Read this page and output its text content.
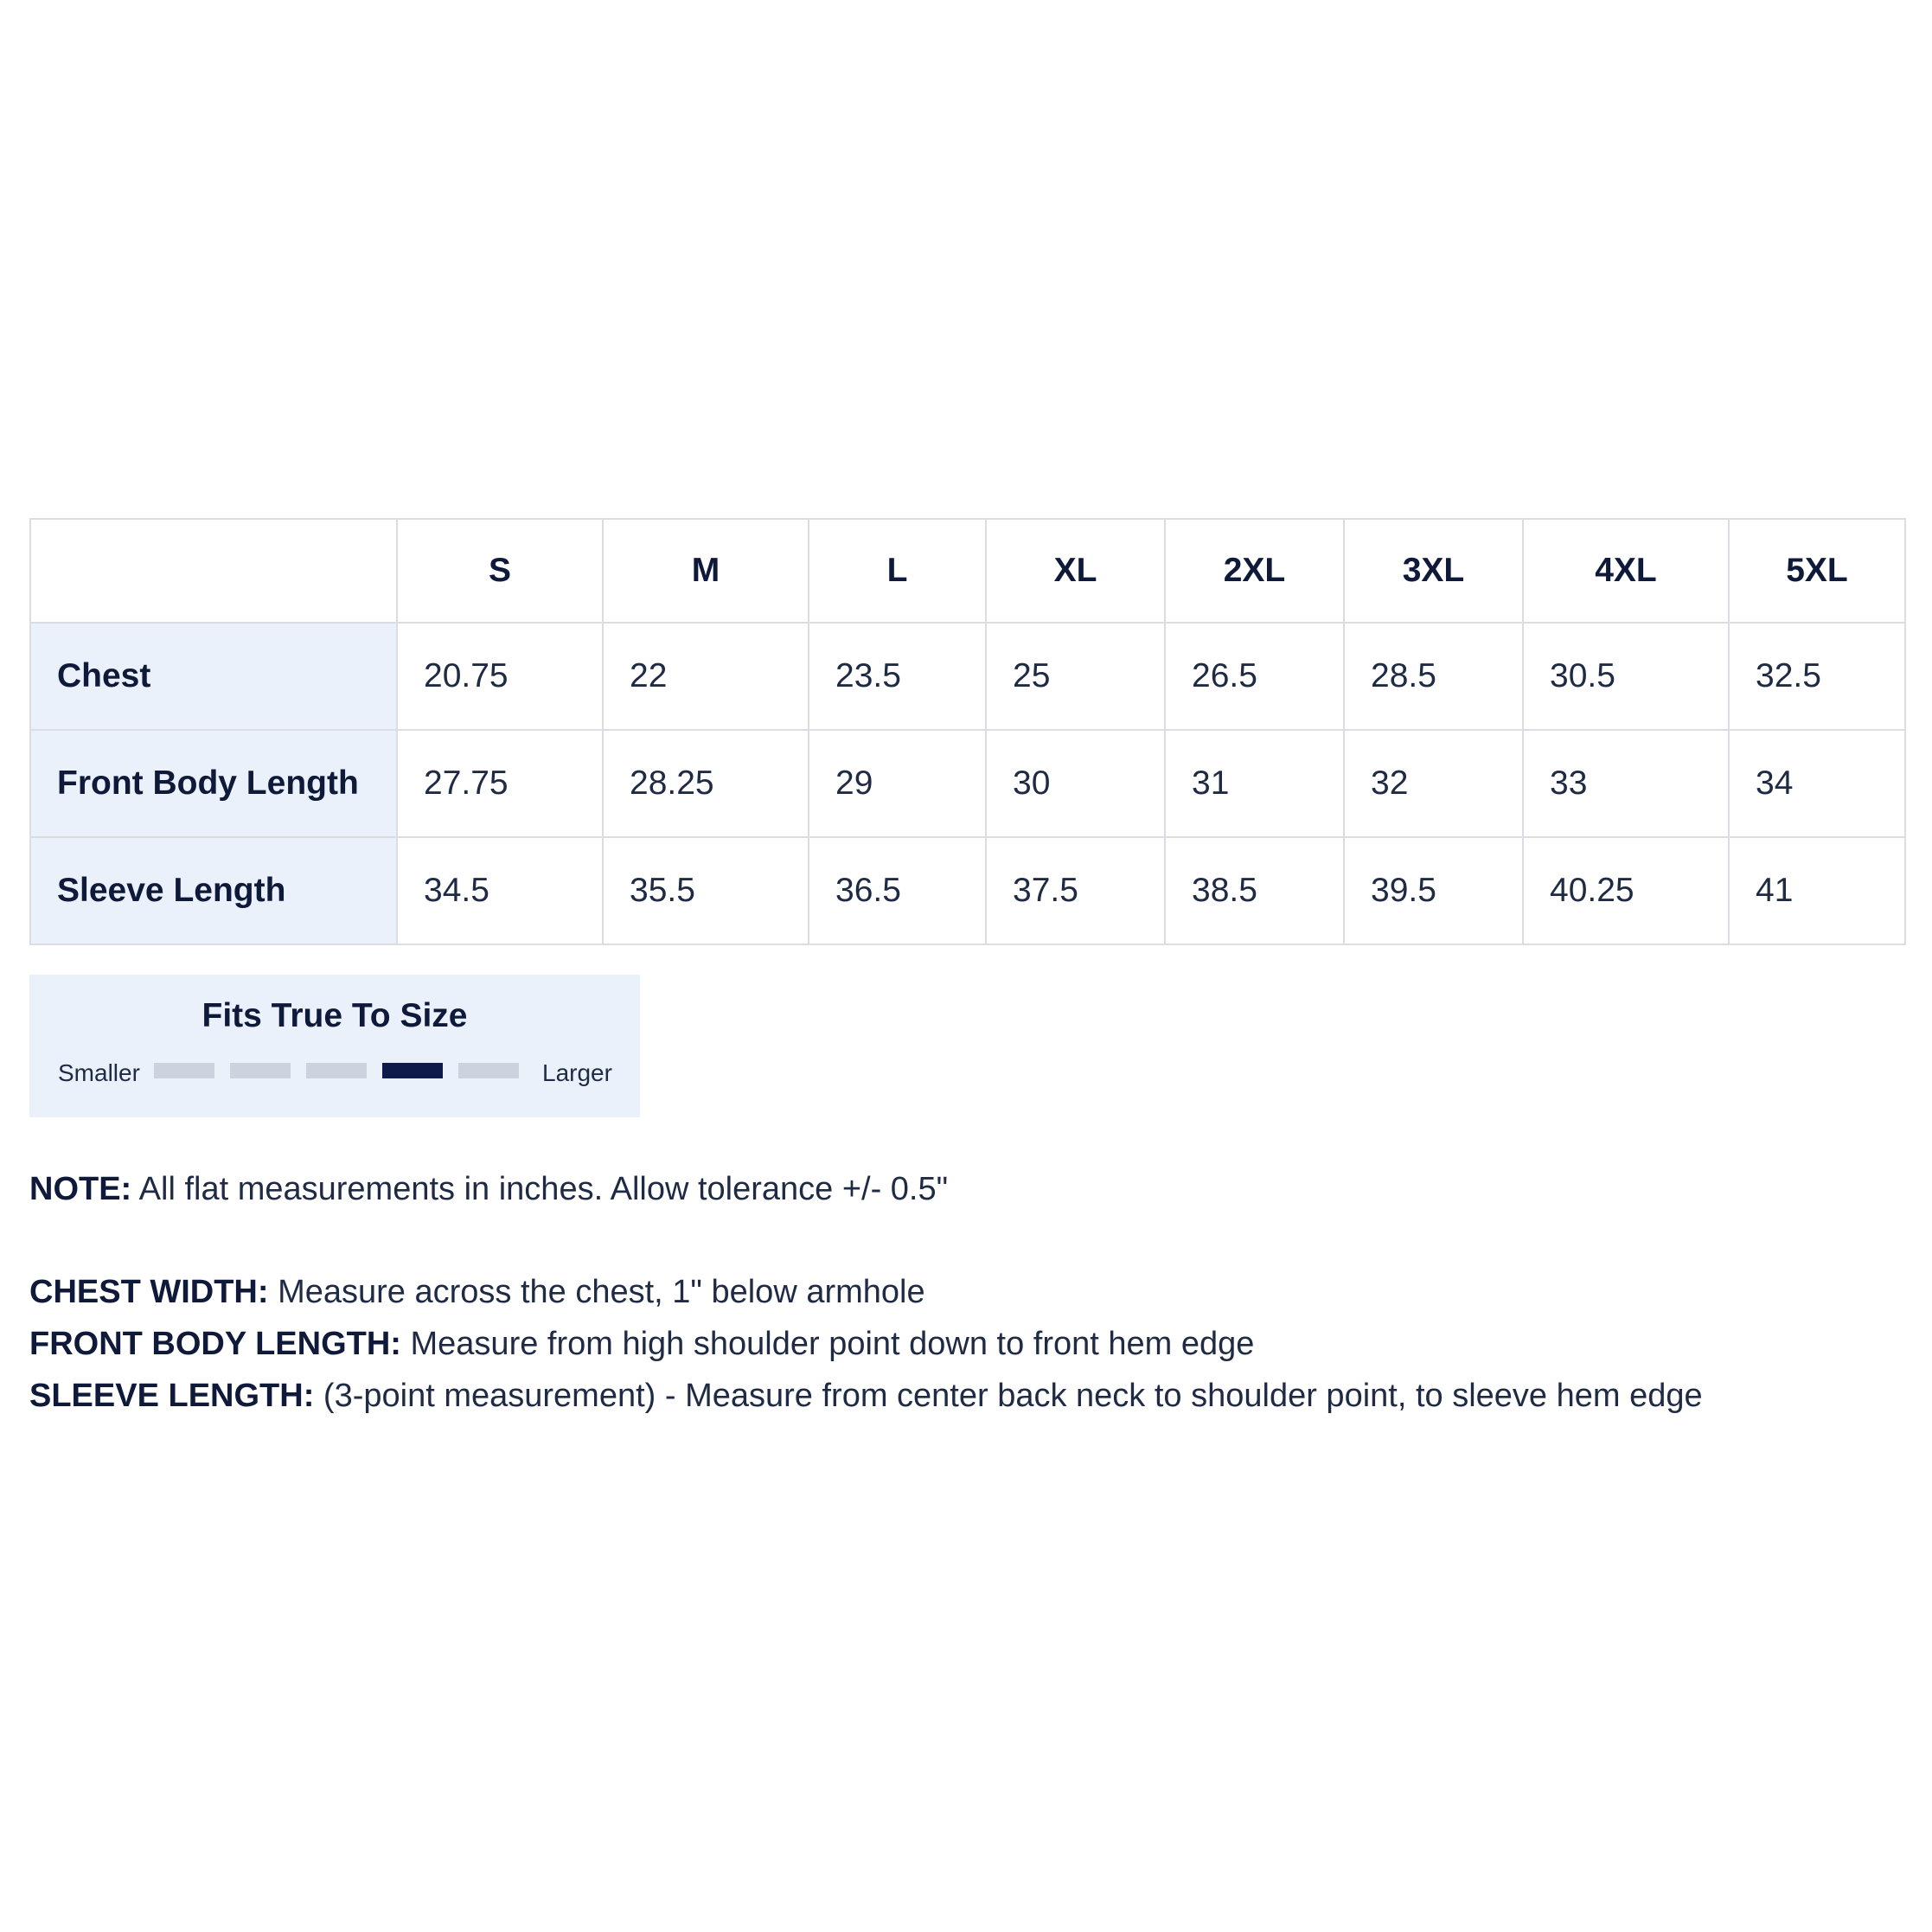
	S	M	L	XL	2XL	3XL	4XL	5XL
Chest	20.75	22	23.5	25	26.5	28.5	30.5	32.5
Front Body Length	27.75	28.25	29	30	31	32	33	34
Sleeve Length	34.5	35.5	36.5	37.5	38.5	39.5	40.25	41
Fits True To Size
Smaller	Larger
NOTE: All flat measurements in inches. Allow tolerance +/- 0.5"
CHEST WIDTH: Measure across the chest, 1" below armhole
FRONT BODY LENGTH: Measure from high shoulder point down to front hem edge
SLEEVE LENGTH: (3-point measurement) - Measure from center back neck to shoulder point, to sleeve hem edge
